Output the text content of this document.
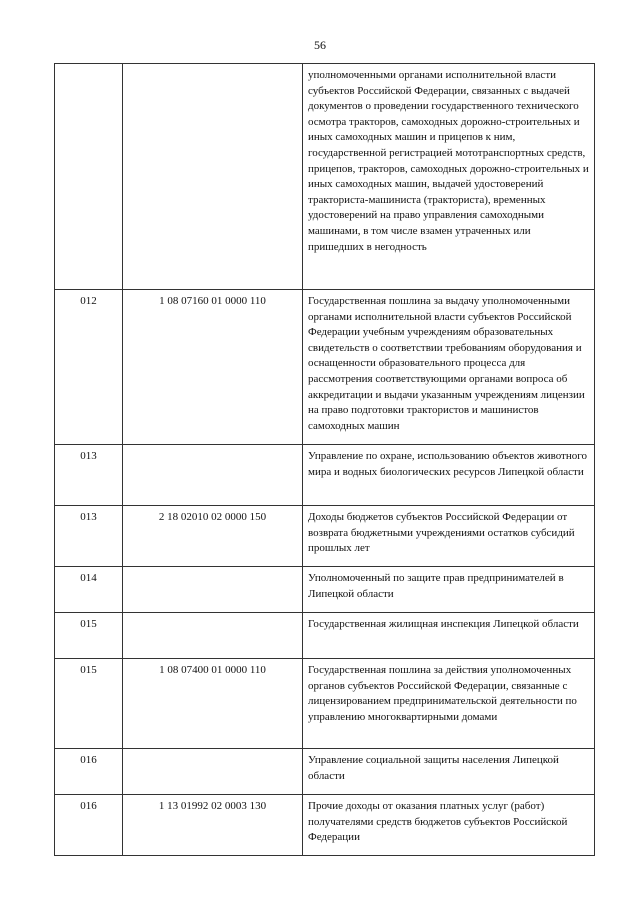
56
		уполномоченными органами исполнительной власти субъектов Российской Федерации, связанных с выдачей документов о проведении государственного технического осмотра тракторов, самоходных дорожно-строительных и иных самоходных машин и прицепов к ним, государственной регистрацией мототранспортных средств, прицепов, тракторов, самоходных дорожно-строительных и иных самоходных машин, выдачей удостоверений тракториста-машиниста (тракториста), временных удостоверений на право управления самоходными машинами, в том числе взамен утраченных или пришедших в негодность
012	1 08 07160 01 0000 110	Государственная пошлина за выдачу уполномоченными органами исполнительной власти субъектов Российской Федерации учебным учреждениям образовательных свидетельств о соответствии требованиям оборудования и оснащенности образовательного процесса для рассмотрения соответствующими органами вопроса об аккредитации и выдачи указанным учреждениям лицензии на право подготовки трактористов и машинистов самоходных машин
013		Управление по охране, использованию объектов животного мира и водных биологических ресурсов Липецкой области
013	2 18 02010 02 0000 150	Доходы бюджетов субъектов Российской Федерации от возврата бюджетными учреждениями остатков субсидий прошлых лет
014		Уполномоченный по защите прав предпринимателей в Липецкой области
015		Государственная жилищная инспекция Липецкой области
015	1 08 07400 01 0000 110	Государственная пошлина за действия уполномоченных органов субъектов Российской Федерации, связанные с лицензированием предпринимательской деятельности по управлению многоквартирными домами
016		Управление социальной защиты населения Липецкой области
016	1 13 01992 02 0003 130	Прочие доходы от оказания платных услуг (работ) получателями средств бюджетов субъектов Российской Федерации
